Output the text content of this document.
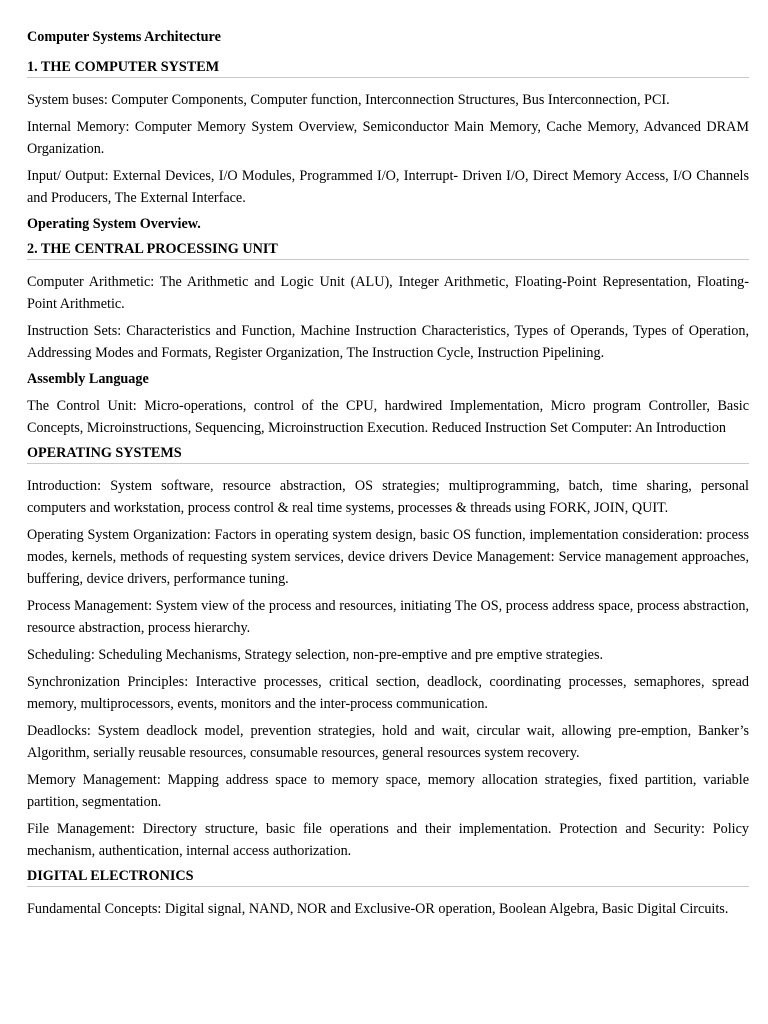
Computer Systems Architecture
1. THE COMPUTER SYSTEM
System buses: Computer Components, Computer function, Interconnection Structures, Bus Interconnection, PCI.
Internal Memory: Computer Memory System Overview, Semiconductor Main Memory, Cache Memory, Advanced DRAM Organization.
Input/ Output: External Devices, I/O Modules, Programmed I/O, Interrupt- Driven I/O, Direct Memory Access, I/O Channels and Producers, The External Interface.
Operating System Overview.
2. THE CENTRAL PROCESSING UNIT
Computer Arithmetic: The Arithmetic and Logic Unit (ALU), Integer Arithmetic, Floating-Point Representation, Floating-Point Arithmetic.
Instruction Sets: Characteristics and Function, Machine Instruction Characteristics, Types of Operands, Types of Operation, Addressing Modes and Formats, Register Organization, The Instruction Cycle, Instruction Pipelining.
Assembly Language
The Control Unit: Micro-operations, control of the CPU, hardwired Implementation, Micro program Controller, Basic Concepts, Microinstructions, Sequencing, Microinstruction Execution. Reduced Instruction Set Computer: An Introduction
OPERATING SYSTEMS
Introduction: System software, resource abstraction, OS strategies; multiprogramming, batch, time sharing, personal computers and workstation, process control & real time systems, processes & threads using FORK, JOIN, QUIT.
Operating System Organization: Factors in operating system design, basic OS function, implementation consideration: process modes, kernels, methods of requesting system services, device drivers Device Management: Service management approaches, buffering, device drivers, performance tuning.
Process Management: System view of the process and resources, initiating The OS, process address space, process abstraction, resource abstraction, process hierarchy.
Scheduling: Scheduling Mechanisms, Strategy selection, non-pre-emptive and pre emptive strategies.
Synchronization Principles: Interactive processes, critical section, deadlock, coordinating processes, semaphores, spread memory, multiprocessors, events, monitors and the inter-process communication.
Deadlocks: System deadlock model, prevention strategies, hold and wait, circular wait, allowing pre-emption, Banker’s Algorithm, serially reusable resources, consumable resources, general resources system recovery.
Memory Management: Mapping address space to memory space, memory allocation strategies, fixed partition, variable partition, segmentation.
File Management: Directory structure, basic file operations and their implementation. Protection and Security: Policy mechanism, authentication, internal access authorization.
DIGITAL ELECTRONICS
Fundamental Concepts: Digital signal, NAND, NOR and Exclusive-OR operation, Boolean Algebra, Basic Digital Circuits.
